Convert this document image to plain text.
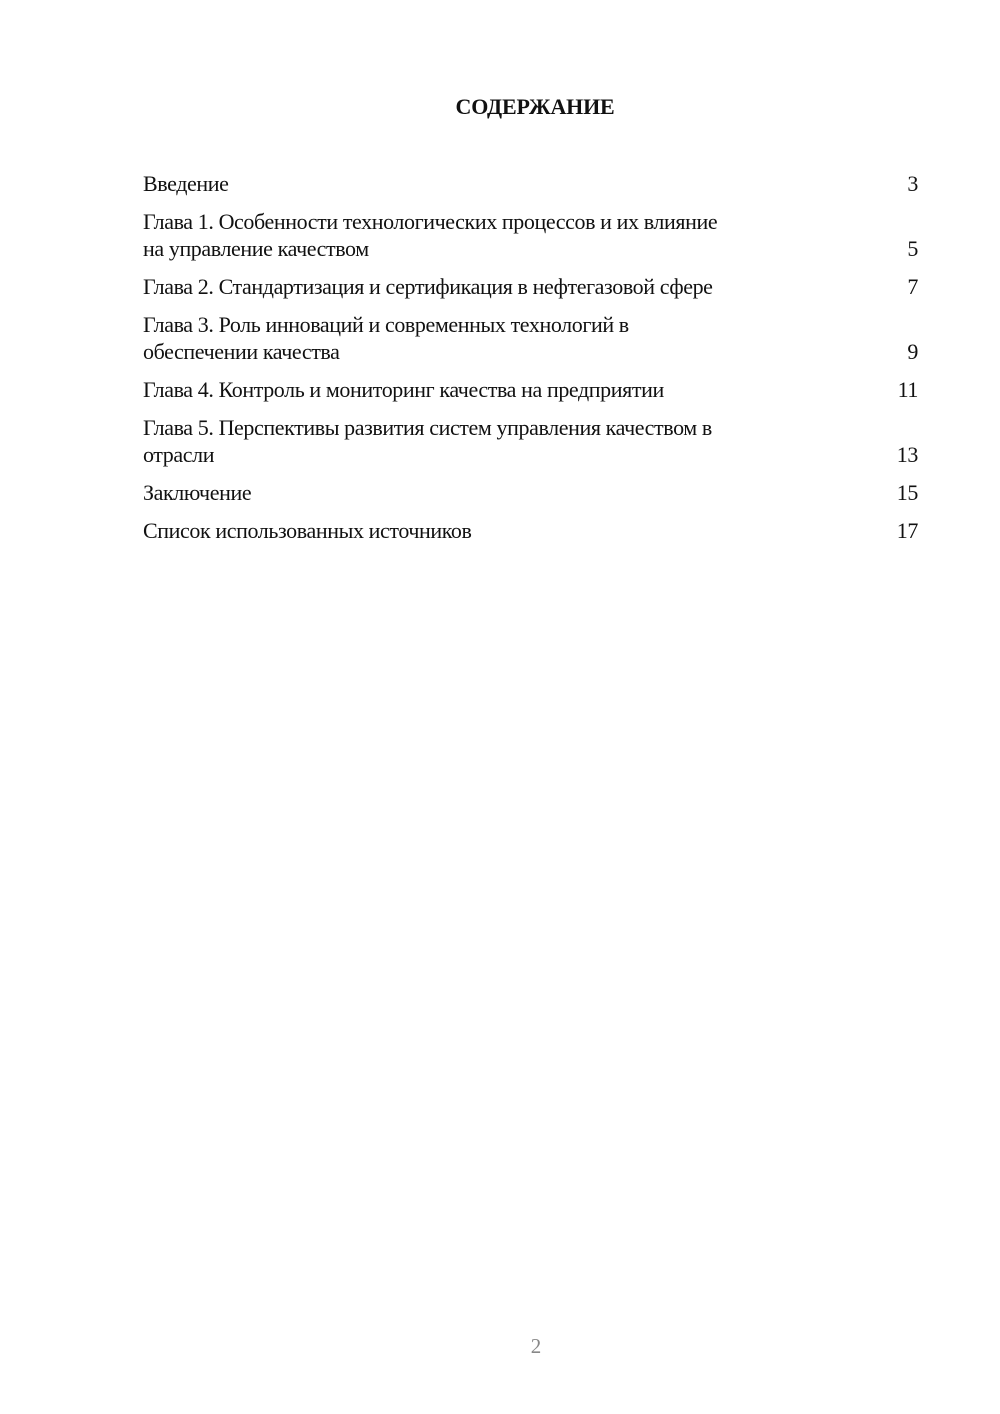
СОДЕРЖАНИЕ
Введение	3
Глава 1. Особенности технологических процессов и их влияние
на управление качеством	5
Глава 2. Стандартизация и сертификация в нефтегазовой сфере	7
Глава 3. Роль инноваций и современных технологий в
обеспечении качества	9
Глава 4. Контроль и мониторинг качества на предприятии	11
Глава 5. Перспективы развития систем управления качеством в
отрасли	13
Заключение	15
Список использованных источников	17
2
